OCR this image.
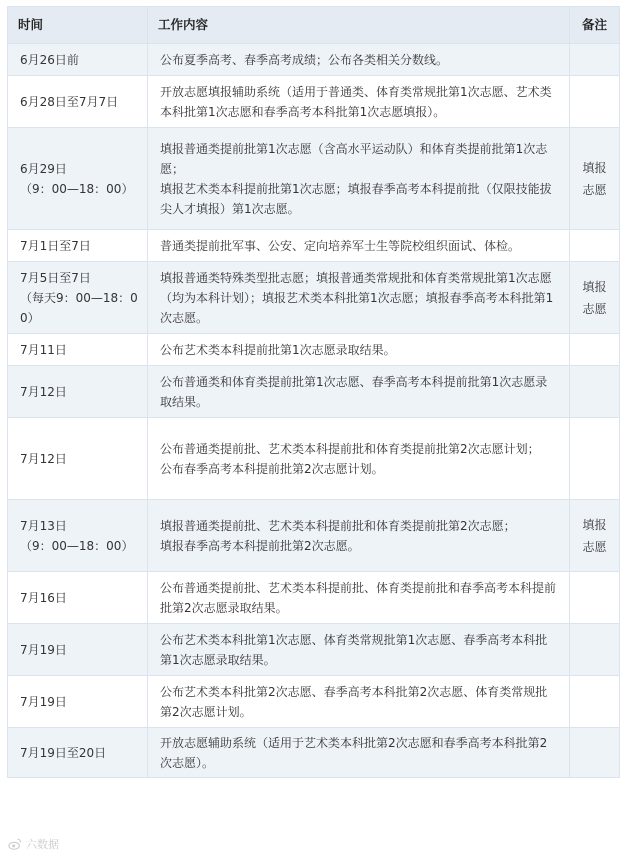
时间	工作内容	备注

6月26日前	公布夏季高考、春季高考成绩；公布各类相关分数线。	

6月28日至7月7日	开放志愿填报辅助系统（适用于普通类、体育类常规批第1次志愿、艺术类本科批第1次志愿和春季高考本科批第1次志愿填报）。	

6月29日
（9：00—18：00）	填报普通类提前批第1次志愿（含高水平运动队）和体育类提前批第1次志愿；
填报艺术类本科提前批第1次志愿；填报春季高考本科提前批（仅限技能拔尖人才填报）第1次志愿。	填报
志愿

7月1日至7日	普通类提前批军事、公安、定向培养军士生等院校组织面试、体检。	

7月5日至7日
（每天9：00—18：00）	填报普通类特殊类型批志愿；填报普通类常规批和体育类常规批第1次志愿（均为本科计划）；填报艺术类本科批第1次志愿；填报春季高考本科批第1次志愿。	填报
志愿

7月11日	公布艺术类本科提前批第1次志愿录取结果。	

7月12日	公布普通类和体育类提前批第1次志愿、春季高考本科提前批第1次志愿录取结果。	

7月12日	公布普通类提前批、艺术类本科提前批和体育类提前批第2次志愿计划；
公布春季高考本科提前批第2次志愿计划。	

7月13日
（9：00—18：00）	填报普通类提前批、艺术类本科提前批和体育类提前批第2次志愿；
填报春季高考本科提前批第2次志愿。	填报
志愿

7月16日	公布普通类提前批、艺术类本科提前批、体育类提前批和春季高考本科提前批第2次志愿录取结果。	

7月19日	公布艺术类本科批第1次志愿、体育类常规批第1次志愿、春季高考本科批第1次志愿录取结果。	

7月19日	公布艺术类本科批第2次志愿、春季高考本科批第2次志愿、体育类常规批第2次志愿计划。	

7月19日至20日	开放志愿辅助系统（适用于艺术类本科批第2次志愿和春季高考本科批第2次志愿）。	

六数据
